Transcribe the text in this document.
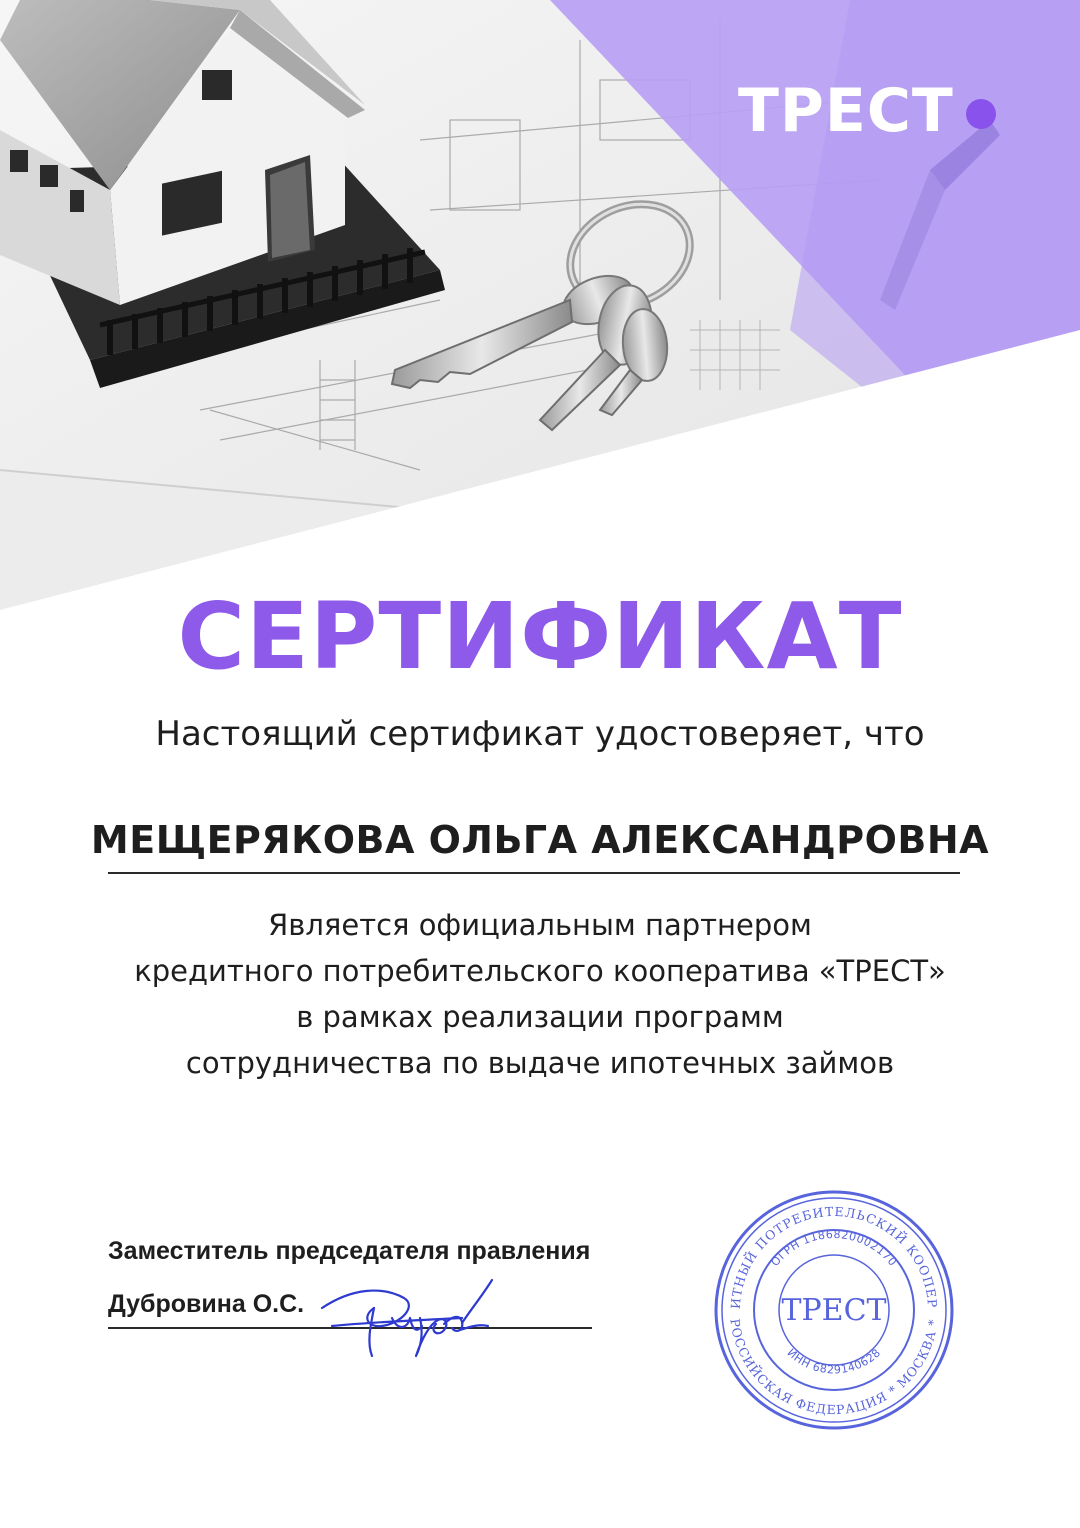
ТРЕСТ
СЕРТИФИКАТ
Настоящий сертификат удостоверяет, что
МЕЩЕРЯКОВА ОЛЬГА АЛЕКСАНДРОВНА
Является официальным партнером
кредитного потребительского кооператива «ТРЕСТ»
в рамках реализации программ
сотрудничества по выдаче ипотечных займов
Заместитель председателя правления
Дубровина О.С.	ИТНЫЙ ПОТРЕБИТЕЛЬСКИЙ КООПЕР
РОССИЙСКАЯ ФЕДЕРАЦИЯ * МОСКВА *
ОГРН 1186820002170
ИНН 6829140628
ТРЕСТ
